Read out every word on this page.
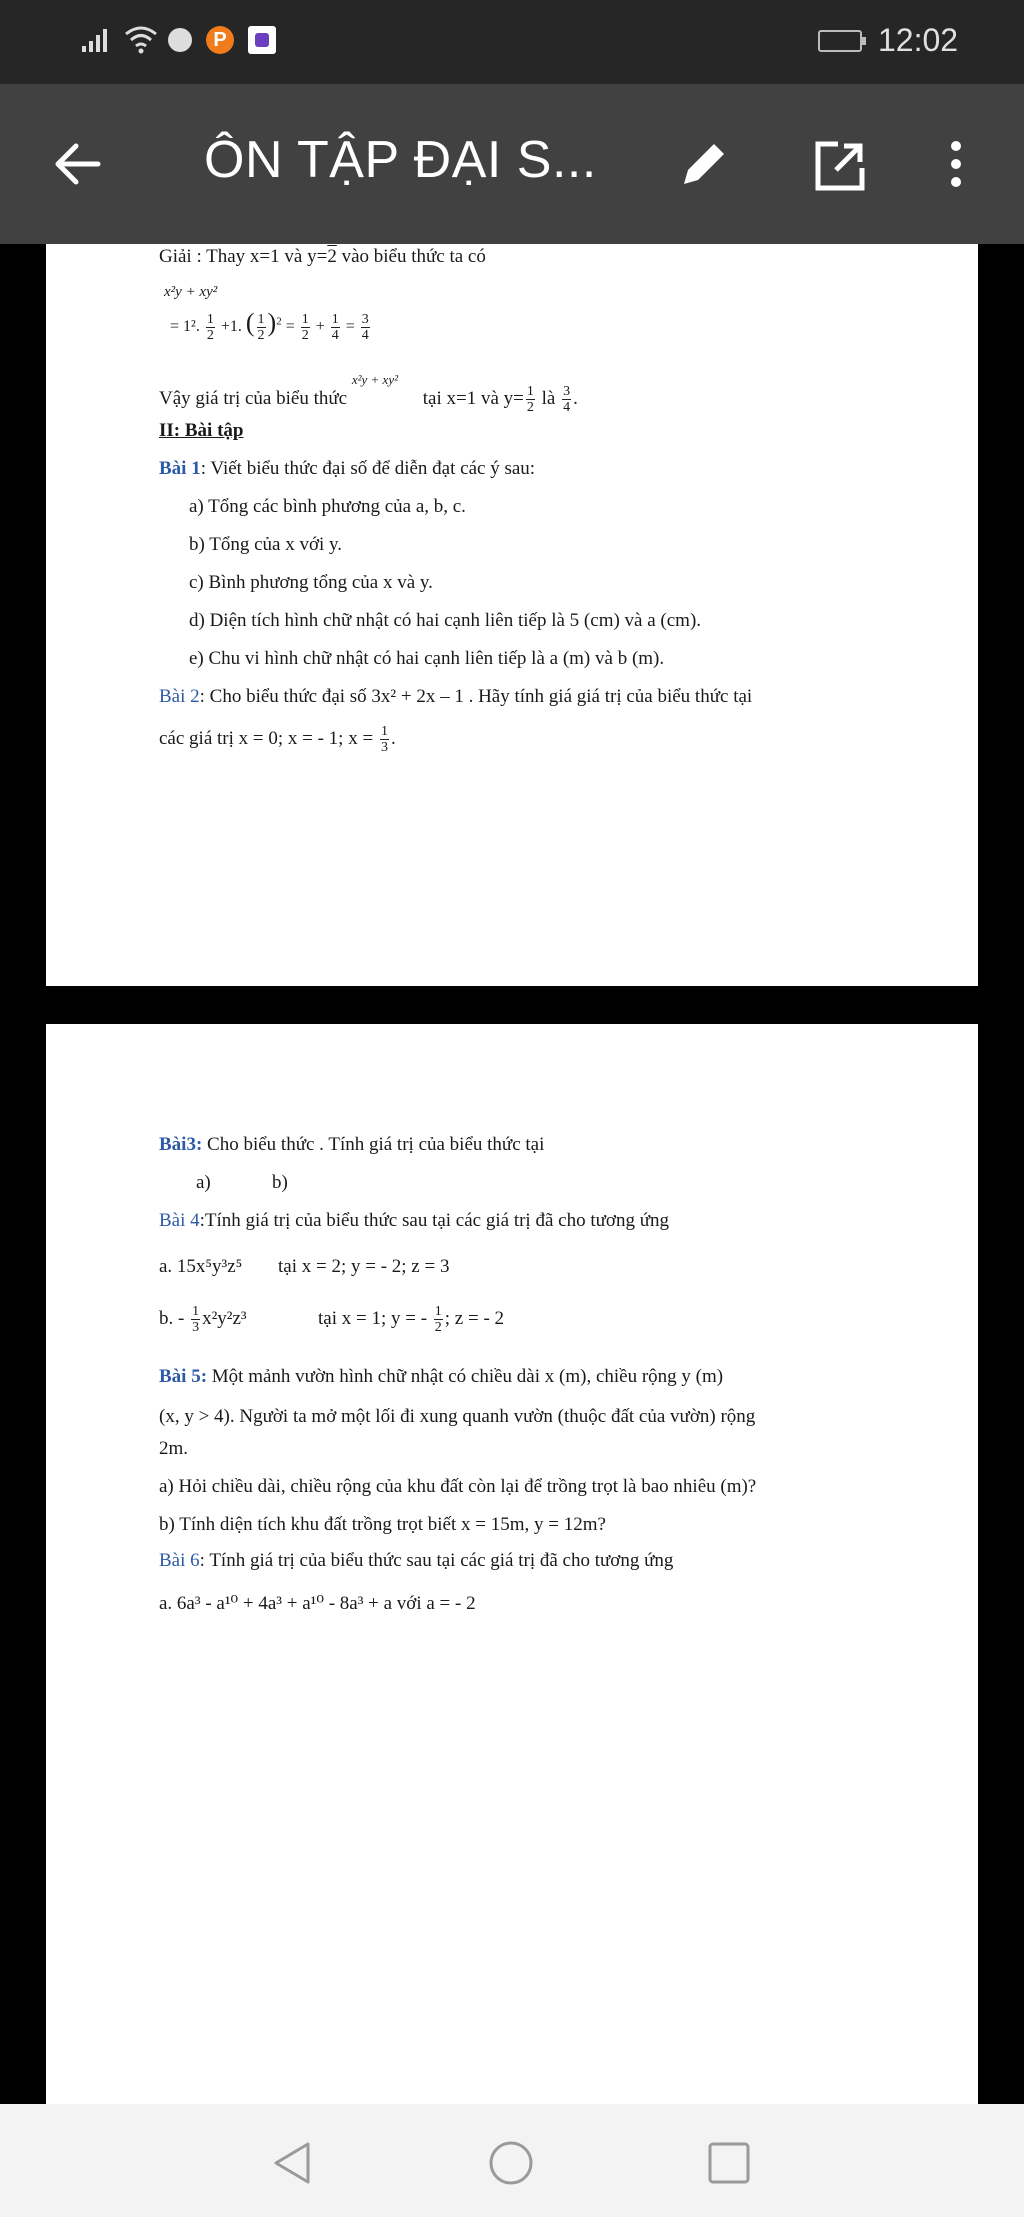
P	12:02
ÔN TẬP ĐẠI S...
Giải : Thay x=1 và y=2 vào biểu thức ta có
x²y + xy²
= 1². $\frac{1}{2} +1$. ( $\frac{1}{2} )^2 = \frac{1}{2} + \frac{1}{4} = \frac{3}{4}$
Vậy giá trị của biểu thức $^{x^2y + xy^2}$ tại x=1 và $y= \frac{1}{2}$ là $\frac{3}{4}$ .
II: Bài tập
Bài 1: Viết biểu thức đại số để diễn đạt các ý sau:
a) Tổng các bình phương của a, b, c.
b) Tổng của x với y.
c) Bình phương tổng của x và y.
d) Diện tích hình chữ nhật có hai cạnh liên tiếp là 5 (cm) và a (cm).
e) Chu vi hình chữ nhật có hai cạnh liên tiếp là a (m) và b (m).
Bài 2: Cho biểu thức đại số 3x² + 2x – 1 . Hãy tính giá giá trị của biểu thức tại
các giá trị x = 0; x = - 1; $x = \frac{1}{3}$ .
Bài3: Cho biểu thức . Tính giá trị của biểu thức tại
a)	b)
Bài 4:Tính giá trị của biểu thức sau tại các giá trị đã cho tương ứng
a. 15x⁵y³z⁵ tại x = 2; y = - 2; z = 3
b. - $\frac{1}{3} x^2y^2z^3$	tại x = 1; y = - $\frac{1}{2}$ ; z = - 2
Bài 5: Một mảnh vườn hình chữ nhật có chiều dài x (m), chiều rộng y (m)
(x, y > 4). Người ta mở một lối đi xung quanh vườn (thuộc đất của vườn) rộng
2m.
a) Hỏi chiều dài, chiều rộng của khu đất còn lại để trồng trọt là bao nhiêu (m)?
b) Tính diện tích khu đất trồng trọt biết x = 15m, y = 12m?
Bài 6: Tính giá trị của biểu thức sau tại các giá trị đã cho tương ứng
a. 6a³ - a¹⁰ + 4a³ + a¹⁰ - 8a³ + a với a = - 2
